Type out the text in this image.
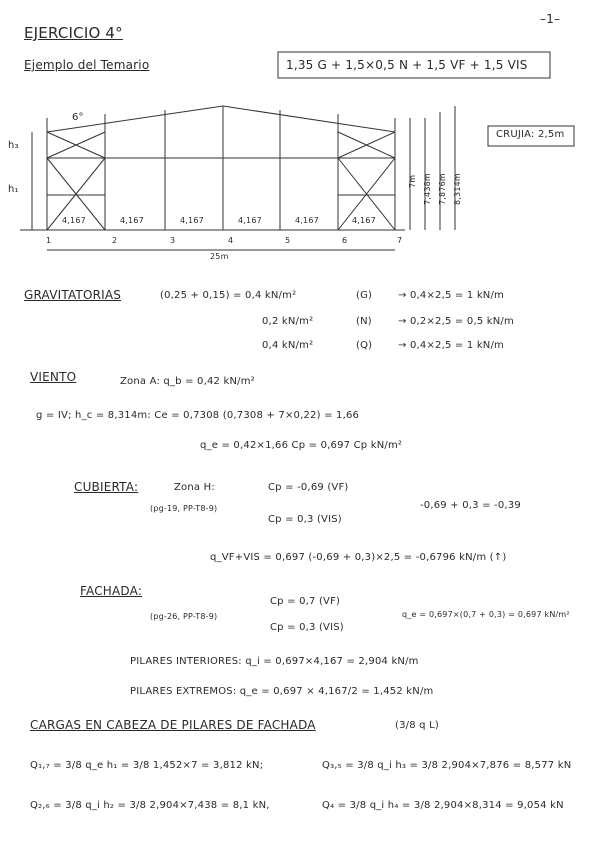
EJERCICIO 4°
Ejemplo del Temario
–1–
1,35 G + 1,5×0,5 N + 1,5 VF + 1,5 VIS
6°
h₃
h₁
CRUJIA: 2,5m
7m 7,438m 7,876m 8,314m
4,167	4,167	4,167	4,167	4,167	4,167
1	2	3	4	5	6	7
25m
GRAVITATORIAS	(0,25 + 0,15) = 0,4 kN/m²	(G)	→ 0,4×2,5 = 1 kN/m
0,2 kN/m²	(N)	→ 0,2×2,5 = 0,5 kN/m
0,4 kN/m²	(Q)	→ 0,4×2,5 = 1 kN/m
VIENTO	Zona A: q_b = 0,42 kN/m²
g = IV; h_c = 8,314m: Ce = 0,7308 (0,7308 + 7×0,22) = 1,66
q_e = 0,42×1,66 Cp = 0,697 Cp kN/m²
CUBIERTA:	Zona H:	Cp = -0,69 (VF)
(pg-19, PP-T8-9)
Cp = 0,3 (VIS)
-0,69 + 0,3 = -0,39
q_VF+VIS = 0,697 (-0,69 + 0,3)×2,5 = -0,6796 kN/m (↑)
FACHADA:
(pg-26, PP-T8-9)
Cp = 0,7 (VF)
Cp = 0,3 (VIS)
q_e = 0,697×(0,7 + 0,3) = 0,697 kN/m²
PILARES INTERIORES: q_i = 0,697×4,167 = 2,904 kN/m
PILARES EXTREMOS: q_e = 0,697 × 4,167/2 = 1,452 kN/m
CARGAS EN CABEZA DE PILARES DE FACHADA	(3/8 q L)
Q₁,₇ = 3/8 q_e h₁ = 3/8 1,452×7 = 3,812 kN;	Q₃,₅ = 3/8 q_i h₃ = 3/8 2,904×7,876 = 8,577 kN
Q₂,₆ = 3/8 q_i h₂ = 3/8 2,904×7,438 = 8,1 kN,	Q₄ = 3/8 q_i h₄ = 3/8 2,904×8,314 = 9,054 kN
